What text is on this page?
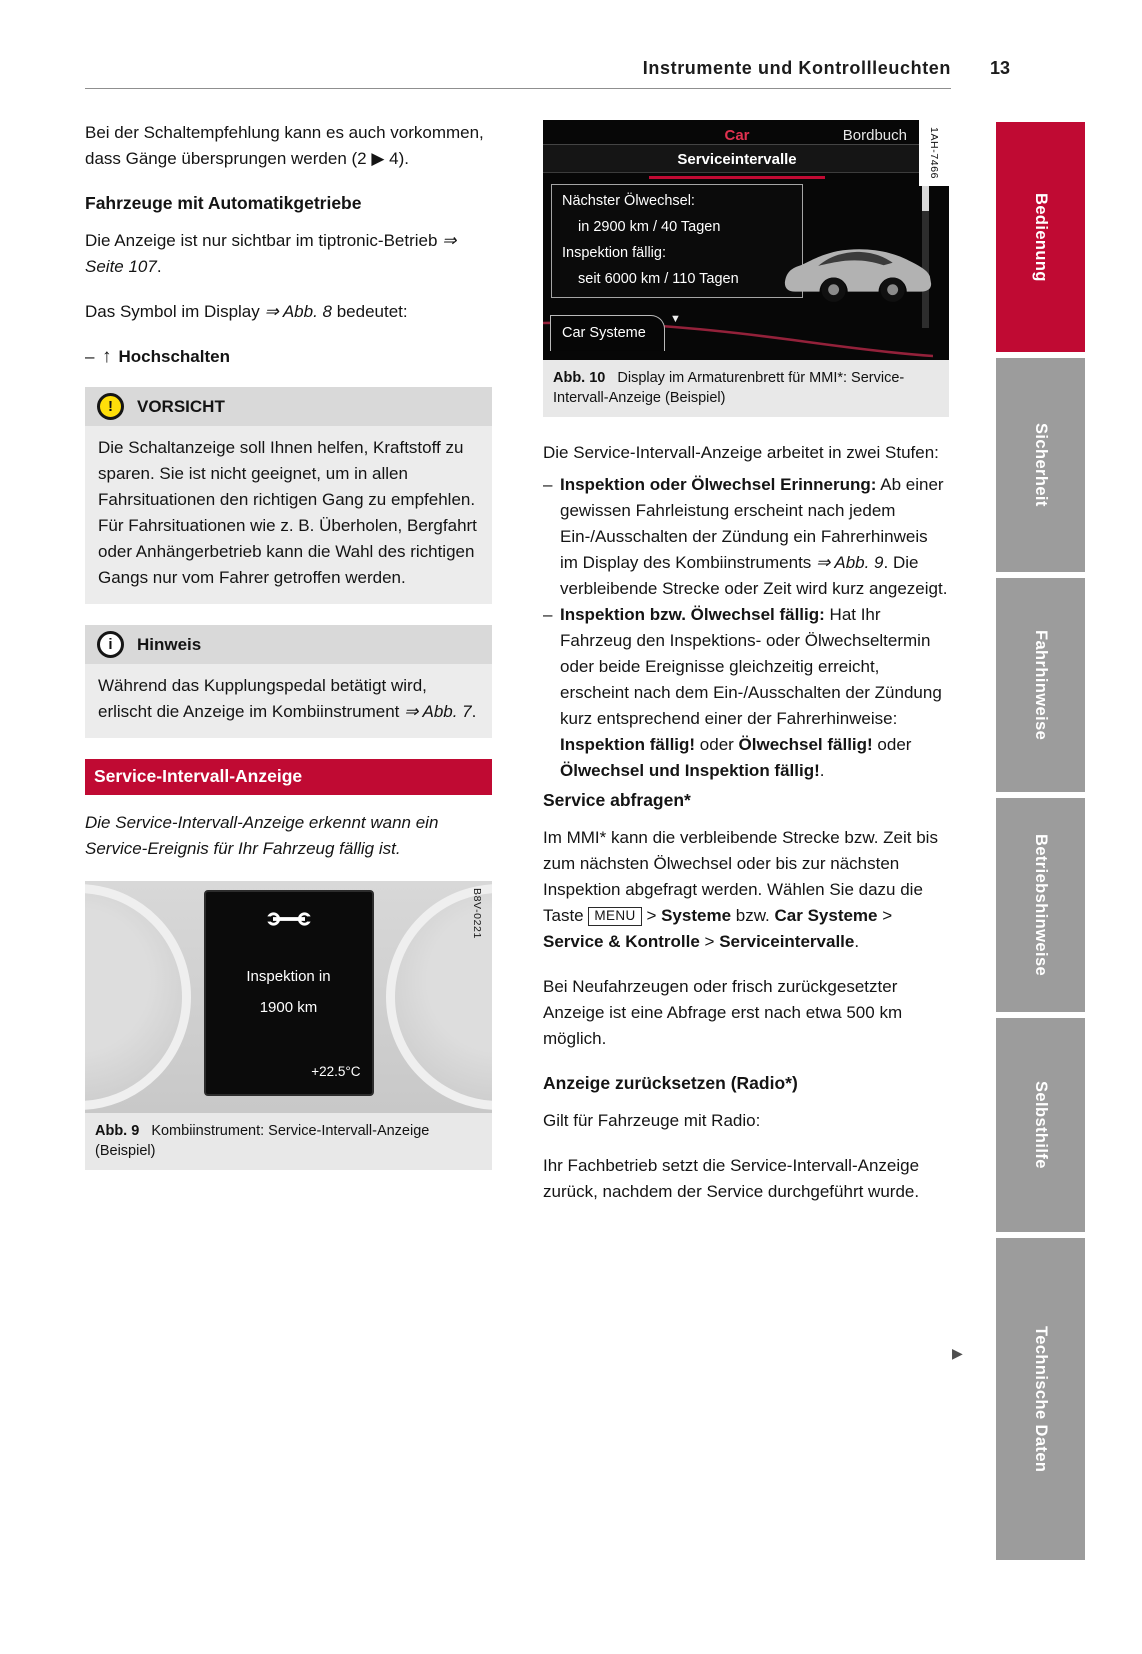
Instrumente und Kontrollleuchten 13
Bedienung
Sicherheit
Fahrhinweise
Betriebshinweise
Selbsthilfe
Technische Daten

Bei der Schaltempfehlung kann es auch vorkommen, dass Gänge übersprungen werden (2 ▶ 4).

Fahrzeuge mit Automatikgetriebe

Die Anzeige ist nur sichtbar im tiptronic-Betrieb ⇒ Seite 107.

Das Symbol im Display ⇒ Abb. 8 bedeutet:

– ↑ Hochschalten
! VORSICHT
Die Schaltanzeige soll Ihnen helfen, Kraftstoff zu sparen. Sie ist nicht geeignet, um in allen Fahrsituationen den richtigen Gang zu empfehlen. Für Fahrsituationen wie z. B. Überholen, Bergfahrt oder Anhängerbetrieb kann die Wahl des richtigen Gangs nur vom Fahrer getroffen werden.
i Hinweis
Während das Kupplungspedal betätigt wird, erlischt die Anzeige im Kombiinstrument ⇒ Abb. 7.
Service-Intervall-Anzeige

Die Service-Intervall-Anzeige erkennt wann ein Service-Ereignis für Ihr Fahrzeug fällig ist.

Inspektion in
1900 km
+22.5°C
B8V-0221
Abb. 9 Kombiinstrument: Service-Intervall-Anzeige (Beispiel)
Car	Bordbuch
Serviceintervalle
Nächster Ölwechsel:
in 2900 km / 40 Tagen
Inspektion fällig:
seit 6000 km / 110 Tagen
▼
Car Systeme
1AH-7466
Abb. 10 Display im Armaturenbrett für MMI*: Service-Intervall-Anzeige (Beispiel)

Die Service-Intervall-Anzeige arbeitet in zwei Stufen:

– Inspektion oder Ölwechsel Erinnerung: Ab einer gewissen Fahrleistung erscheint nach jedem Ein-/Ausschalten der Zündung ein Fahrerhinweis im Display des Kombiinstruments ⇒ Abb. 9. Die verbleibende Strecke oder Zeit wird kurz angezeigt.
– Inspektion bzw. Ölwechsel fällig: Hat Ihr Fahrzeug den Inspektions- oder Ölwechseltermin oder beide Ereignisse gleichzeitig erreicht, erscheint nach dem Ein-/Ausschalten der Zündung kurz entsprechend einer der Fahrerhinweise: Inspektion fällig! oder Ölwechsel fällig! oder Ölwechsel und Inspektion fällig!.
Service abfragen*

Im MMI* kann die verbleibende Strecke bzw. Zeit bis zum nächsten Ölwechsel oder bis zur nächsten Inspektion abgefragt werden. Wählen Sie dazu die Taste MENU > Systeme bzw. Car Systeme > Service & Kontrolle > Serviceintervalle.

Bei Neufahrzeugen oder frisch zurückgesetzter Anzeige ist eine Abfrage erst nach etwa 500 km möglich.

Anzeige zurücksetzen (Radio*)

Gilt für Fahrzeuge mit Radio:

Ihr Fachbetrieb setzt die Service-Intervall-Anzeige zurück, nachdem der Service durchgeführt wurde.

▶
